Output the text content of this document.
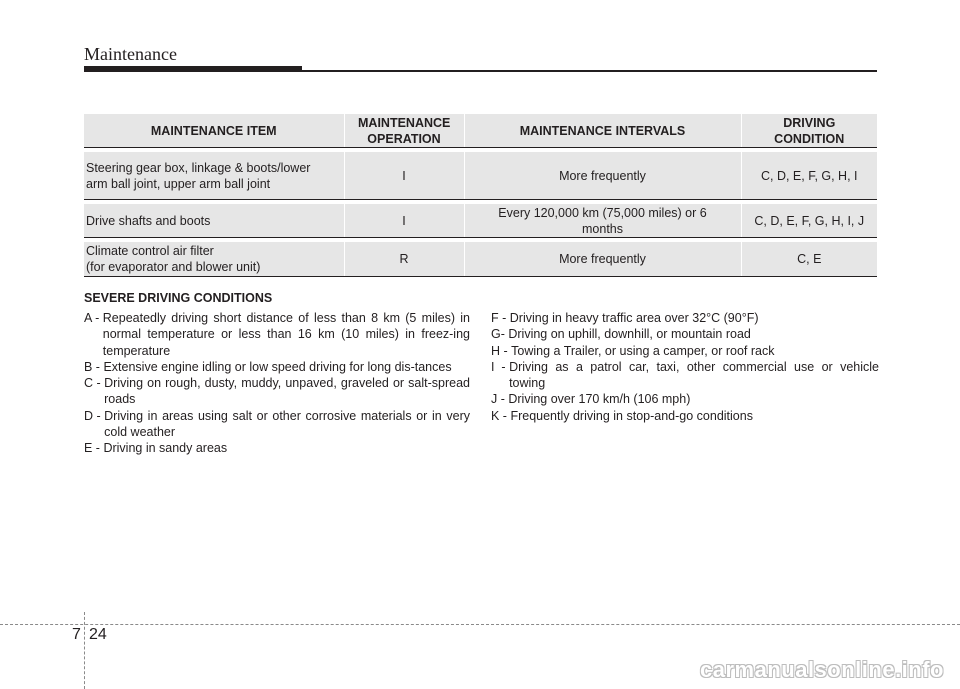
Maintenance
MAINTENANCE ITEM	MAINTENANCE OPERATION	MAINTENANCE INTERVALS	DRIVING CONDITION

Steering gear box, linkage & boots/lower
arm ball joint, upper arm ball joint	I	More frequently	C, D, E, F, G, H, I

Drive shafts and boots	I	Every 120,000 km (75,000 miles) or 6
months	C, D, E, F, G, H, I, J

Climate control air filter
(for evaporator and blower unit)	R	More frequently	C, E
SEVERE DRIVING CONDITIONS
A - Repeatedly driving short distance of less than 8 km (5 miles) in normal temperature or less than 16 km (10 miles) in freez-ing temperature
B - Extensive engine idling or low speed driving for long dis-tances
C - Driving on rough, dusty, muddy, unpaved, graveled or salt-spread roads
D - Driving in areas using salt or other corrosive materials or in very cold weather
E - Driving in sandy areas
F - Driving in heavy traffic area over 32°C (90°F)
G- Driving on uphill, downhill, or mountain road
H - Towing a Trailer, or using a camper, or roof rack
I  - Driving as a patrol car, taxi, other commercial use or vehicle towing
J - Driving over 170 km/h (106 mph)
K - Frequently driving in stop-and-go conditions
7 24
carmanualsonline.info
